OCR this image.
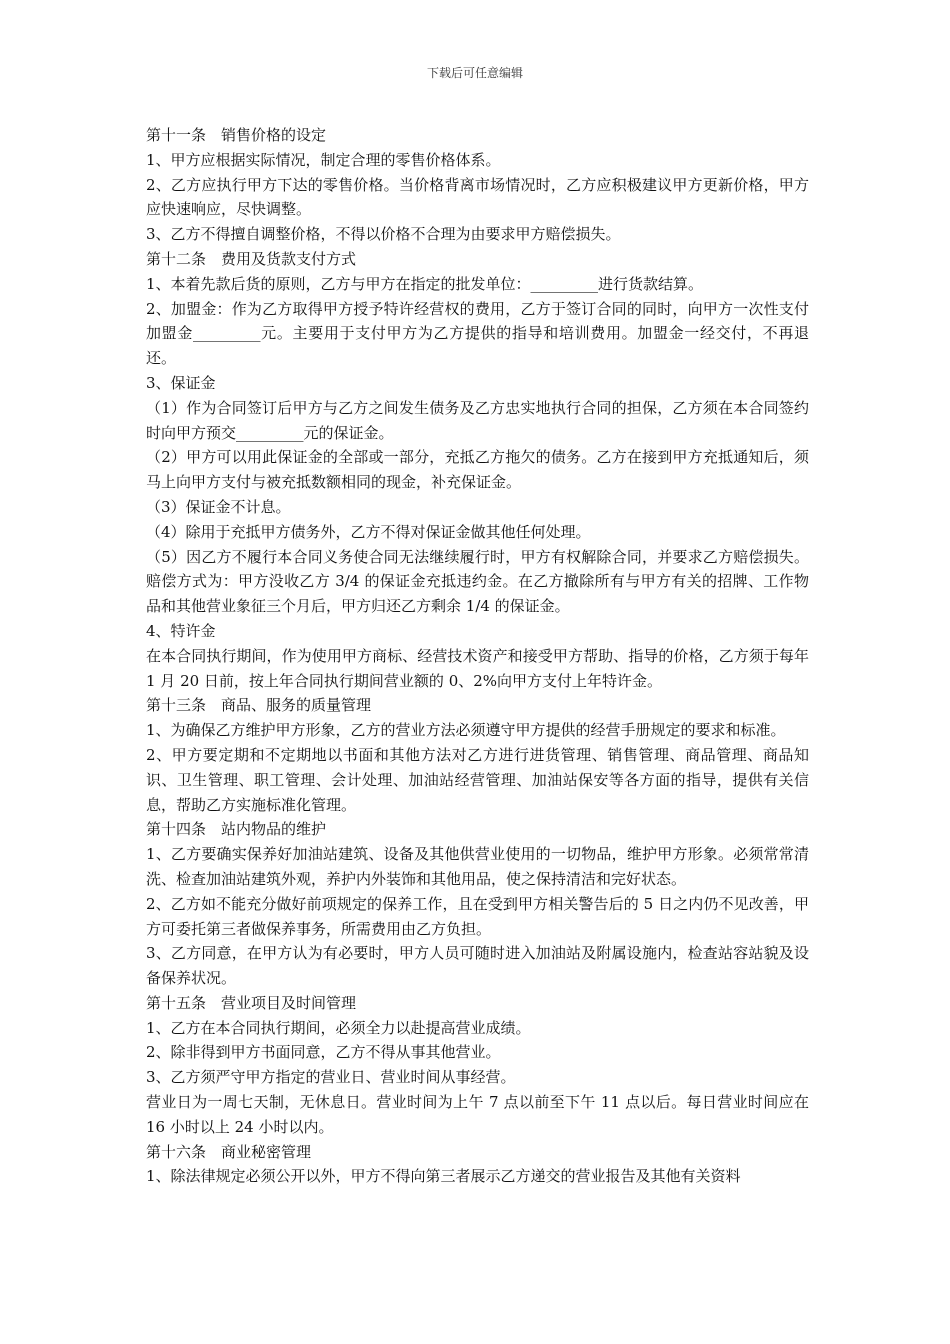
下载后可任意编辑

第十一条　销售价格的设定

1、甲方应根据实际情况，制定合理的零售价格体系。

2、乙方应执行甲方下达的零售价格。当价格背离市场情况时，乙方应积极建议甲方更新价格，甲方应快速响应，尽快调整。

3、乙方不得擅自调整价格，不得以价格不合理为由要求甲方赔偿损失。

第十二条　费用及货款支付方式

1、本着先款后货的原则，乙方与甲方在指定的批发单位：_________进行货款结算。

2、加盟金：作为乙方取得甲方授予特许经营权的费用，乙方于签订合同的同时，向甲方一次性支付加盟金_________元。主要用于支付甲方为乙方提供的指导和培训费用。加盟金一经交付，不再退还。

3、保证金

（1）作为合同签订后甲方与乙方之间发生债务及乙方忠实地执行合同的担保，乙方须在本合同签约时向甲方预交_________元的保证金。

（2）甲方可以用此保证金的全部或一部分，充抵乙方拖欠的债务。乙方在接到甲方充抵通知后，须马上向甲方支付与被充抵数额相同的现金，补充保证金。

（3）保证金不计息。

（4）除用于充抵甲方债务外，乙方不得对保证金做其他任何处理。

（5）因乙方不履行本合同义务使合同无法继续履行时，甲方有权解除合同，并要求乙方赔偿损失。赔偿方式为：甲方没收乙方 3/4 的保证金充抵违约金。在乙方撤除所有与甲方有关的招牌、工作物品和其他营业象征三个月后，甲方归还乙方剩余 1/4 的保证金。

4、特许金

在本合同执行期间，作为使用甲方商标、经营技术资产和接受甲方帮助、指导的价格，乙方须于每年 1 月 20 日前，按上年合同执行期间营业额的 0、2%向甲方支付上年特许金。

第十三条　商品、服务的质量管理

1、为确保乙方维护甲方形象，乙方的营业方法必须遵守甲方提供的经营手册规定的要求和标准。

2、甲方要定期和不定期地以书面和其他方法对乙方进行进货管理、销售管理、商品管理、商品知识、卫生管理、职工管理、会计处理、加油站经营管理、加油站保安等各方面的指导，提供有关信息，帮助乙方实施标准化管理。

第十四条　站内物品的维护

1、乙方要确实保养好加油站建筑、设备及其他供营业使用的一切物品，维护甲方形象。必须常常清洗、检查加油站建筑外观，养护内外装饰和其他用品，使之保持清洁和完好状态。

2、乙方如不能充分做好前项规定的保养工作，且在受到甲方相关警告后的 5 日之内仍不见改善，甲方可委托第三者做保养事务，所需费用由乙方负担。

3、乙方同意，在甲方认为有必要时，甲方人员可随时进入加油站及附属设施内，检查站容站貌及设备保养状况。

第十五条　营业项目及时间管理

1、乙方在本合同执行期间，必须全力以赴提高营业成绩。

2、除非得到甲方书面同意，乙方不得从事其他营业。

3、乙方须严守甲方指定的营业日、营业时间从事经营。

营业日为一周七天制，无休息日。营业时间为上午 7 点以前至下午 11 点以后。每日营业时间应在 16 小时以上 24 小时以内。

第十六条　商业秘密管理

1、除法律规定必须公开以外，甲方不得向第三者展示乙方递交的营业报告及其他有关资料
